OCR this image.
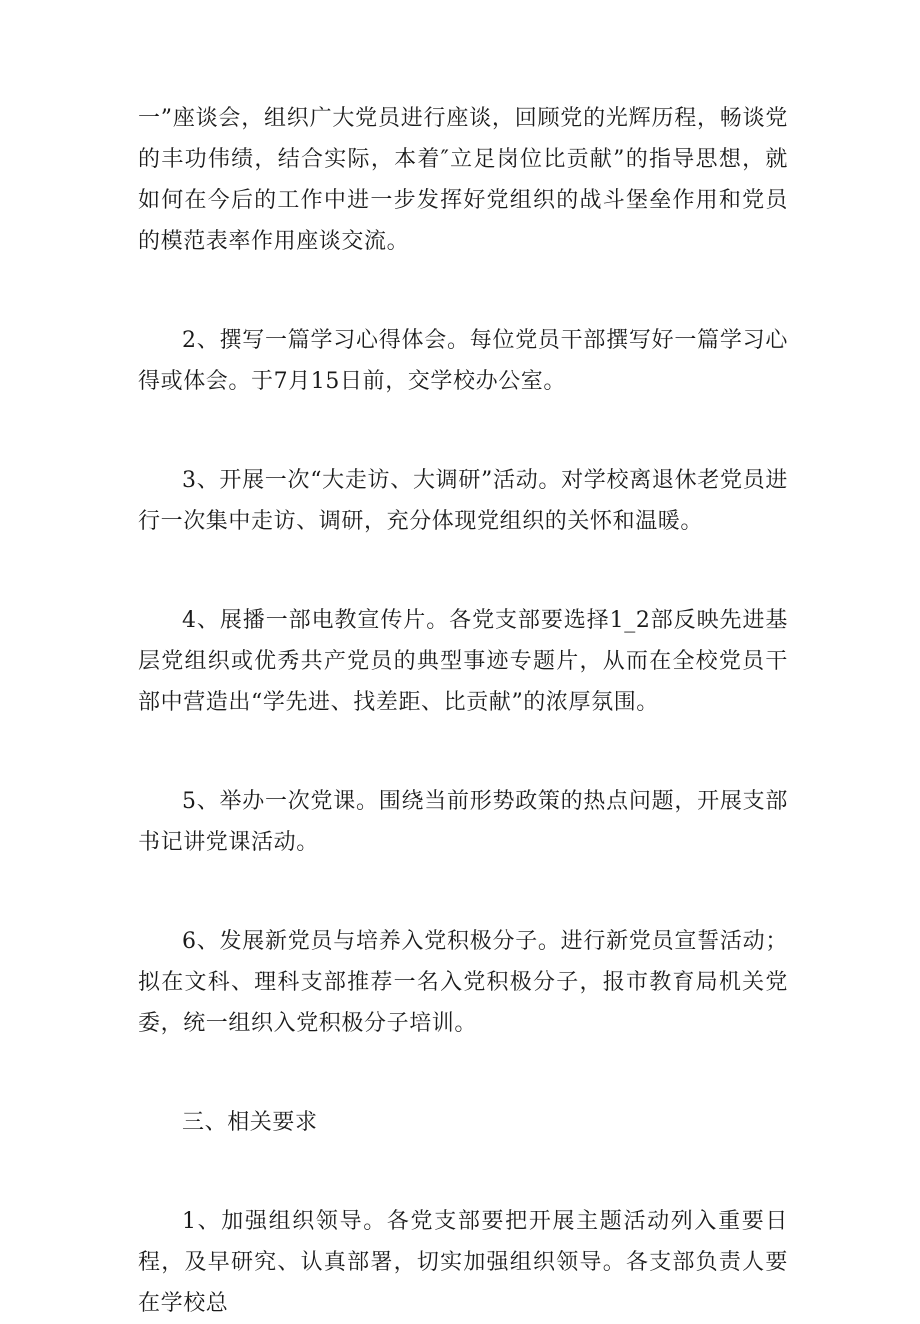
一”座谈会，组织广大党员进行座谈，回顾党的光辉历程，畅谈党的丰功伟绩，结合实际，本着″立足岗位比贡献”的指导思想，就如何在今后的工作中进一步发挥好党组织的战斗堡垒作用和党员的模范表率作用座谈交流。

2、撰写一篇学习心得体会。每位党员干部撰写好一篇学习心得或体会。于7月15日前，交学校办公室。

3、开展一次“大走访、大调研”活动。对学校离退休老党员进行一次集中走访、调研，充分体现党组织的关怀和温暖。

4、展播一部电教宣传片。各党支部要选择1_2部反映先进基层党组织或优秀共产党员的典型事迹专题片，从而在全校党员干部中营造出“学先进、找差距、比贡献”的浓厚氛围。

5、举办一次党课。围绕当前形势政策的热点问题，开展支部书记讲党课活动。

6、发展新党员与培养入党积极分子。进行新党员宣誓活动；拟在文科、理科支部推荐一名入党积极分子，报市教育局机关党委，统一组织入党积极分子培训。

三、相关要求

1、加强组织领导。各党支部要把开展主题活动列入重要日程，及早研究、认真部署，切实加强组织领导。各支部负责人要在学校总
